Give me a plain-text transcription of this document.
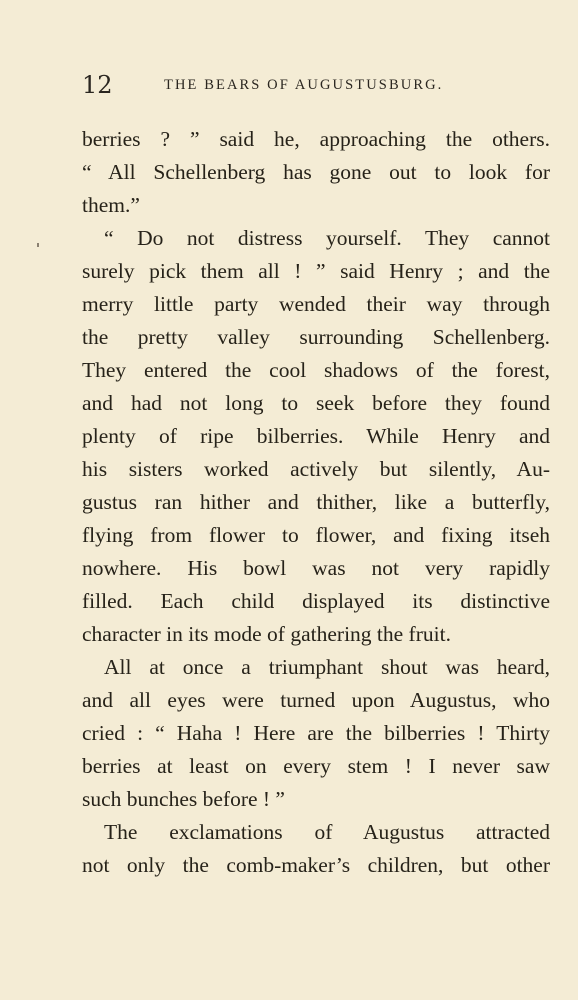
12	THE BEARS OF AUGUSTUSBURG.
berries ? ” said he, approaching the others.
“ All Schellenberg has gone out to look for
them.”
“ Do not distress yourself. They cannot
surely pick them all ! ” said Henry ; and the
merry little party wended their way through
the pretty valley surrounding Schellenberg.
They entered the cool shadows of the forest,
and had not long to seek before they found
plenty of ripe bilberries. While Henry and
his sisters worked actively but silently, Au-
gustus ran hither and thither, like a butterfly,
flying from flower to flower, and fixing itseh
nowhere. His bowl was not very rapidly
filled. Each child displayed its distinctive
character in its mode of gathering the fruit.
All at once a triumphant shout was heard,
and all eyes were turned upon Augustus, who
cried : “ Haha ! Here are the bilberries ! Thirty
berries at least on every stem ! I never saw
such bunches before ! ”
The exclamations of Augustus attracted
not only the comb-maker’s children, but other
